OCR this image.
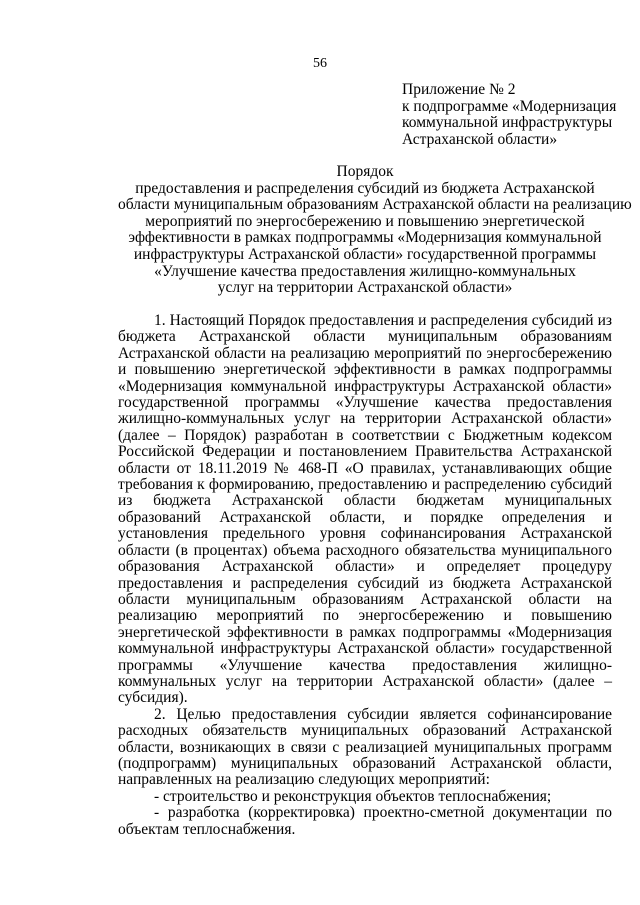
56
Приложение № 2
к подпрограмме «Модернизация
коммунальной инфраструктуры
Астраханской области»
Порядок
предоставления и распределения субсидий из бюджета Астраханской
области муниципальным образованиям Астраханской области на реализацию
мероприятий по энергосбережению и повышению энергетической
эффективности в рамках подпрограммы «Модернизация коммунальной
инфраструктуры Астраханской области» государственной программы
«Улучшение качества предоставления жилищно-коммунальных
услуг на территории Астраханской области»

1. Настоящий Порядок предоставления и распределения субсидий из бюджета Астраханской области муниципальным образованиям Астраханской области на реализацию мероприятий по энергосбережению и повышению энергетической эффективности в рамках подпрограммы «Модернизация коммунальной инфраструктуры Астраханской области» государственной программы «Улучшение качества предоставления жилищно-коммунальных услуг на территории Астраханской области» (далее – Порядок) разработан в соответствии с Бюджетным кодексом Российской Федерации и постановлением Правительства Астраханской области от 18.11.2019 № 468-П «О правилах, устанавливающих общие требования к формированию, предоставлению и распределению субсидий из бюджета Астраханской области бюджетам муниципальных образований Астраханской области, и порядке определения и установления предельного уровня софинансирования Астраханской области (в процентах) объема расходного обязательства муниципального образования Астраханской области» и определяет процедуру предоставления и распределения субсидий из бюджета Астраханской области муниципальным образованиям Астраханской области на реализацию мероприятий по энергосбережению и повышению энергетической эффективности в рамках подпрограммы «Модернизация коммунальной инфраструктуры Астраханской области» государственной программы «Улучшение качества предоставления жилищно-коммунальных услуг на территории Астраханской области» (далее – субсидия).

2. Целью предоставления субсидии является софинансирование расходных обязательств муниципальных образований Астраханской области, возникающих в связи с реализацией муниципальных программ (подпрограмм) муниципальных образований Астраханской области, направленных на реализацию следующих мероприятий:

- строительство и реконструкция объектов теплоснабжения;

- разработка (корректировка) проектно-сметной документации по объектам теплоснабжения.
